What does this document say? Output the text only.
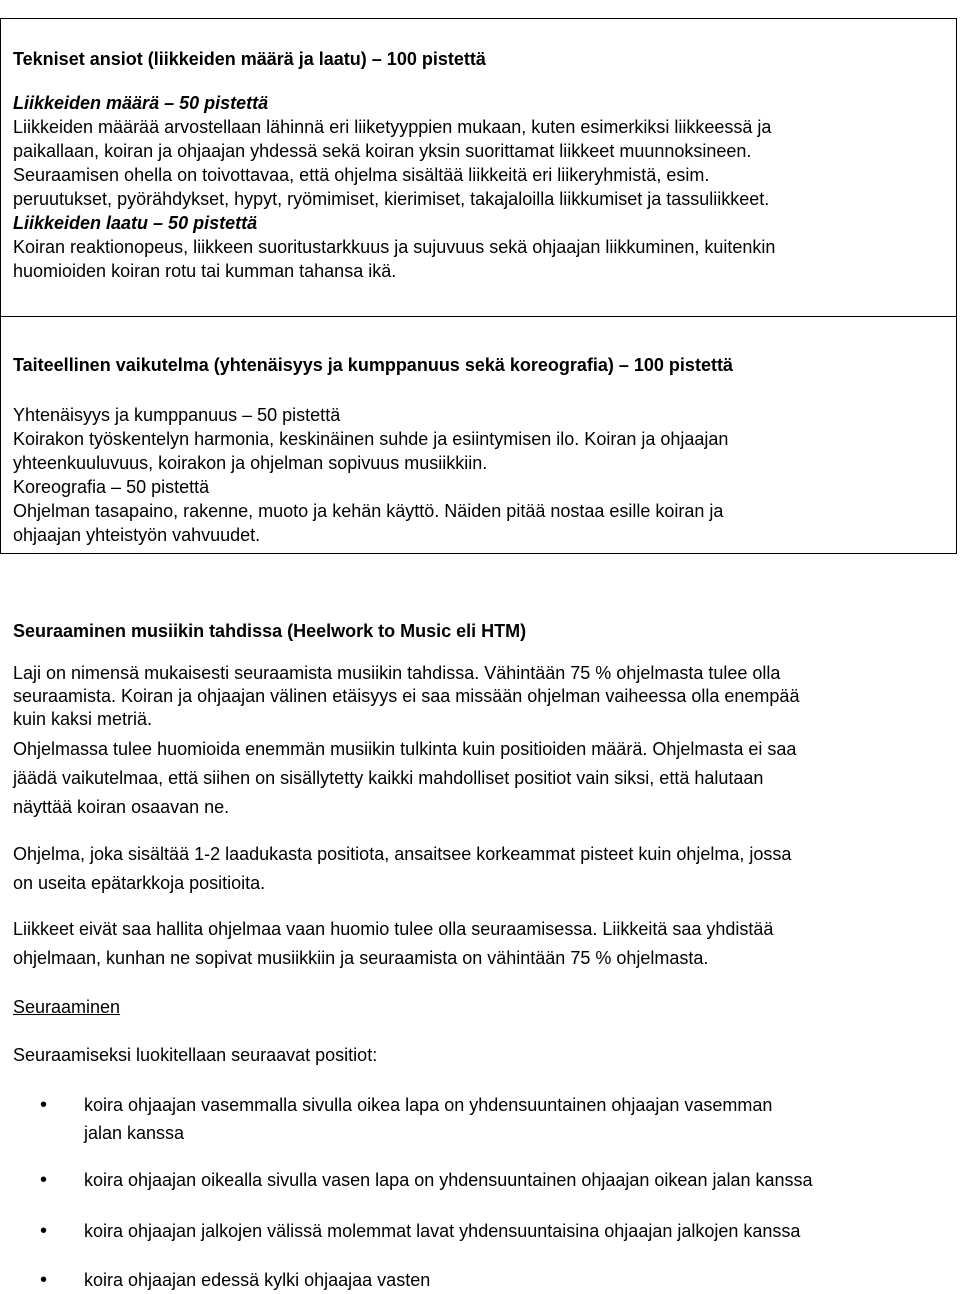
Tekniset ansiot (liikkeiden määrä ja laatu) – 100 pistettä
Liikkeiden määrä – 50 pistettä
Liikkeiden määrää arvostellaan lähinnä eri liiketyyppien mukaan, kuten esimerkiksi liikkeessä ja
paikallaan, koiran ja ohjaajan yhdessä sekä koiran yksin suorittamat liikkeet muunnoksineen.
Seuraamisen ohella on toivottavaa, että ohjelma sisältää liikkeitä eri liikeryhmistä, esim.
peruutukset, pyörähdykset, hypyt, ryömimiset, kierimiset, takajaloilla liikkumiset ja tassuliikkeet.
Liikkeiden laatu – 50 pistettä
Koiran reaktionopeus, liikkeen suoritustarkkuus ja sujuvuus sekä ohjaajan liikkuminen, kuitenkin
huomioiden koiran rotu tai kumman tahansa ikä.

Taiteellinen vaikutelma (yhtenäisyys ja kumppanuus sekä koreografia) – 100 pistettä
Yhtenäisyys ja kumppanuus – 50 pistettä
Koirakon työskentelyn harmonia, keskinäinen suhde ja esiintymisen ilo. Koiran ja ohjaajan
yhteenkuuluvuus, koirakon ja ohjelman sopivuus musiikkiin.
Koreografia – 50 pistettä
Ohjelman tasapaino, rakenne, muoto ja kehän käyttö. Näiden pitää nostaa esille koiran ja
ohjaajan yhteistyön vahvuudet.
Seuraaminen musiikin tahdissa (Heelwork to Music eli HTM)
Laji on nimensä mukaisesti seuraamista musiikin tahdissa. Vähintään 75 % ohjelmasta tulee olla
seuraamista. Koiran ja ohjaajan välinen etäisyys ei saa missään ohjelman vaiheessa olla enempää
kuin kaksi metriä.
Ohjelmassa tulee huomioida enemmän musiikin tulkinta kuin positioiden määrä. Ohjelmasta ei saa
jäädä vaikutelmaa, että siihen on sisällytetty kaikki mahdolliset positiot vain siksi, että halutaan
näyttää koiran osaavan ne.
Ohjelma, joka sisältää 1-2 laadukasta positiota, ansaitsee korkeammat pisteet kuin ohjelma, jossa
on useita epätarkkoja positioita.
Liikkeet eivät saa hallita ohjelmaa vaan huomio tulee olla seuraamisessa. Liikkeitä saa yhdistää
ohjelmaan, kunhan ne sopivat musiikkiin ja seuraamista on vähintään 75 % ohjelmasta.
Seuraaminen
Seuraamiseksi luokitellaan seuraavat positiot:
• koira ohjaajan vasemmalla sivulla oikea lapa on yhdensuuntainen ohjaajan vasemman
jalan kanssa
• koira ohjaajan oikealla sivulla vasen lapa on yhdensuuntainen ohjaajan oikean jalan kanssa
• koira ohjaajan jalkojen välissä molemmat lavat yhdensuuntaisina ohjaajan jalkojen kanssa
• koira ohjaajan edessä kylki ohjaajaa vasten
